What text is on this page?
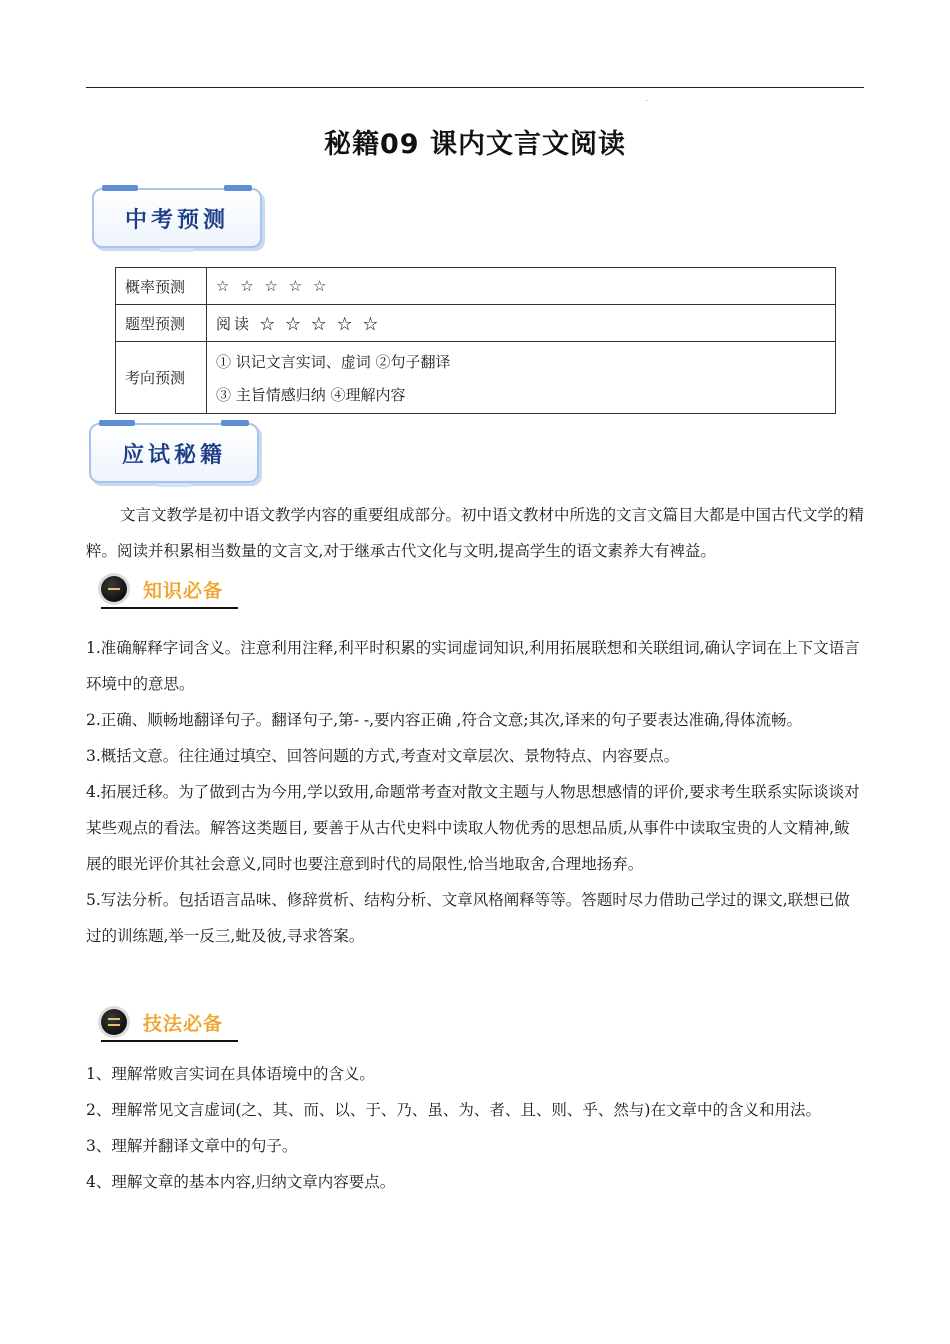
秘籍09 课内文言文阅读
中考预测
概率预测	☆ ☆ ☆ ☆ ☆
题型预测	阅读 ☆ ☆ ☆ ☆ ☆
考向预测	① 识记文言实词、虚词 ②句子翻译
③ 主旨情感归纳 ④理解内容
应试秘籍
文言文教学是初中语文教学内容的重要组成部分。初中语文教材中所选的文言文篇目大都是中国古代文学的精粹。阅读并积累相当数量的文言文,对于继承古代文化与文明,提高学生的语文素养大有裨益。
知识必备

1.准确解释字词含义。注意利用注释,利平时积累的实词虚词知识,利用拓展联想和关联组词,确认字词在上下文语言环境中的意思。

2.正确、顺畅地翻译句子。翻译句子,第- -,要内容正确 ,符合文意;其次,译来的句子要表达准确,得体流畅。

3.概括文意。往往通过填空、回答问题的方式,考查对文章层次、景物特点、内容要点。

4.拓展迁移。为了做到古为今用,学以致用,命题常考查对散文主题与人物思想感情的评价,要求考生联系实际谈谈对某些观点的看法。解答这类题目, 要善于从古代史料中读取人物优秀的思想品质,从事件中读取宝贵的人文精神,鲅展的眼光评价其社会意义,同时也要注意到时代的局限性,恰当地取舍,合理地扬弃。

5.写法分析。包括语言品味、修辞赏析、结构分析、文章风格阐释等等。答题时尽力借助己学过的课文,联想已做过的训练题,举一反三,蚍及彼,寻求答案。

技法必备

1、理解常败言实词在具体语境中的含义。

2、理解常见文言虚词(之、其、而、以、于、乃、虽、为、者、且、则、乎、然与)在文章中的含义和用法。

3、理解并翻译文章中的句子。

4、理解文章的基本内容,归纳文章内容要点。
